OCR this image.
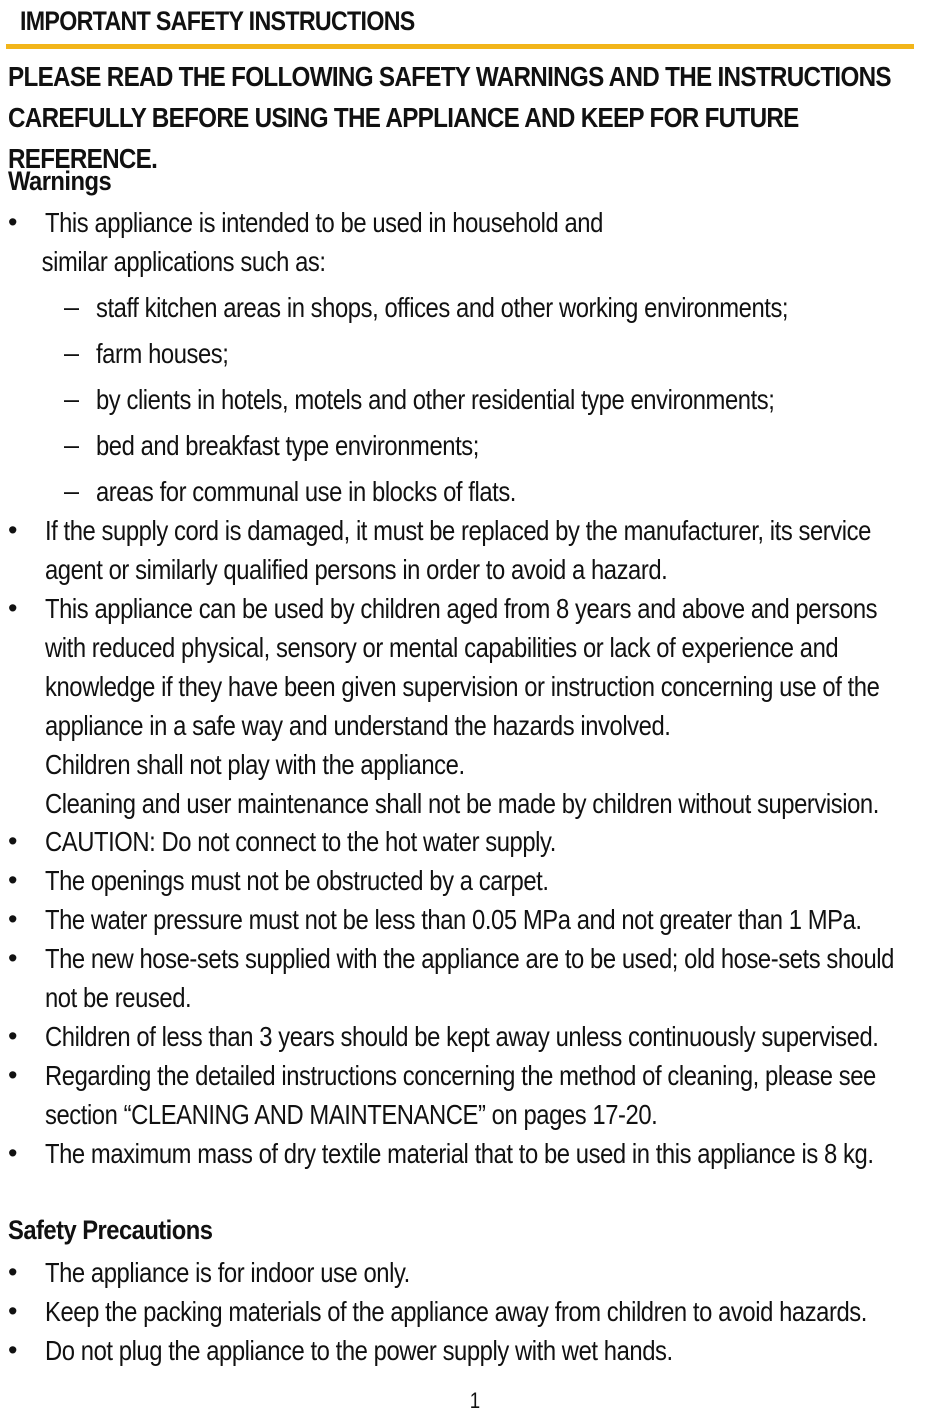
IMPORTANT SAFETY INSTRUCTIONS
PLEASE READ THE FOLLOWING SAFETY WARNINGS AND THE INSTRUCTIONS
CAREFULLY BEFORE USING THE APPLIANCE AND KEEP FOR FUTURE REFERENCE.
Warnings
• This appliance is intended to be used in household and
similar applications such as:
– staff kitchen areas in shops, offices and other working environments;
– farm houses;
– by clients in hotels, motels and other residential type environments;
– bed and breakfast type environments;
– areas for communal use in blocks of flats.
• If the supply cord is damaged, it must be replaced by the manufacturer, its service
agent or similarly qualified persons in order to avoid a hazard.
• This appliance can be used by children aged from 8 years and above and persons
with reduced physical, sensory or mental capabilities or lack of experience and
knowledge if they have been given supervision or instruction concerning use of the
appliance in a safe way and understand the hazards involved.
Children shall not play with the appliance.
Cleaning and user maintenance shall not be made by children without supervision.
• CAUTION: Do not connect to the hot water supply.
• The openings must not be obstructed by a carpet.
• The water pressure must not be less than 0.05 MPa and not greater than 1 MPa.
• The new hose-sets supplied with the appliance are to be used; old hose-sets should
not be reused.
• Children of less than 3 years should be kept away unless continuously supervised.
• Regarding the detailed instructions concerning the method of cleaning, please see
section “CLEANING AND MAINTENANCE” on pages 17-20.
• The maximum mass of dry textile material that to be used in this appliance is 8 kg.
Safety Precautions
• The appliance is for indoor use only.
• Keep the packing materials of the appliance away from children to avoid hazards.
• Do not plug the appliance to the power supply with wet hands.
1
